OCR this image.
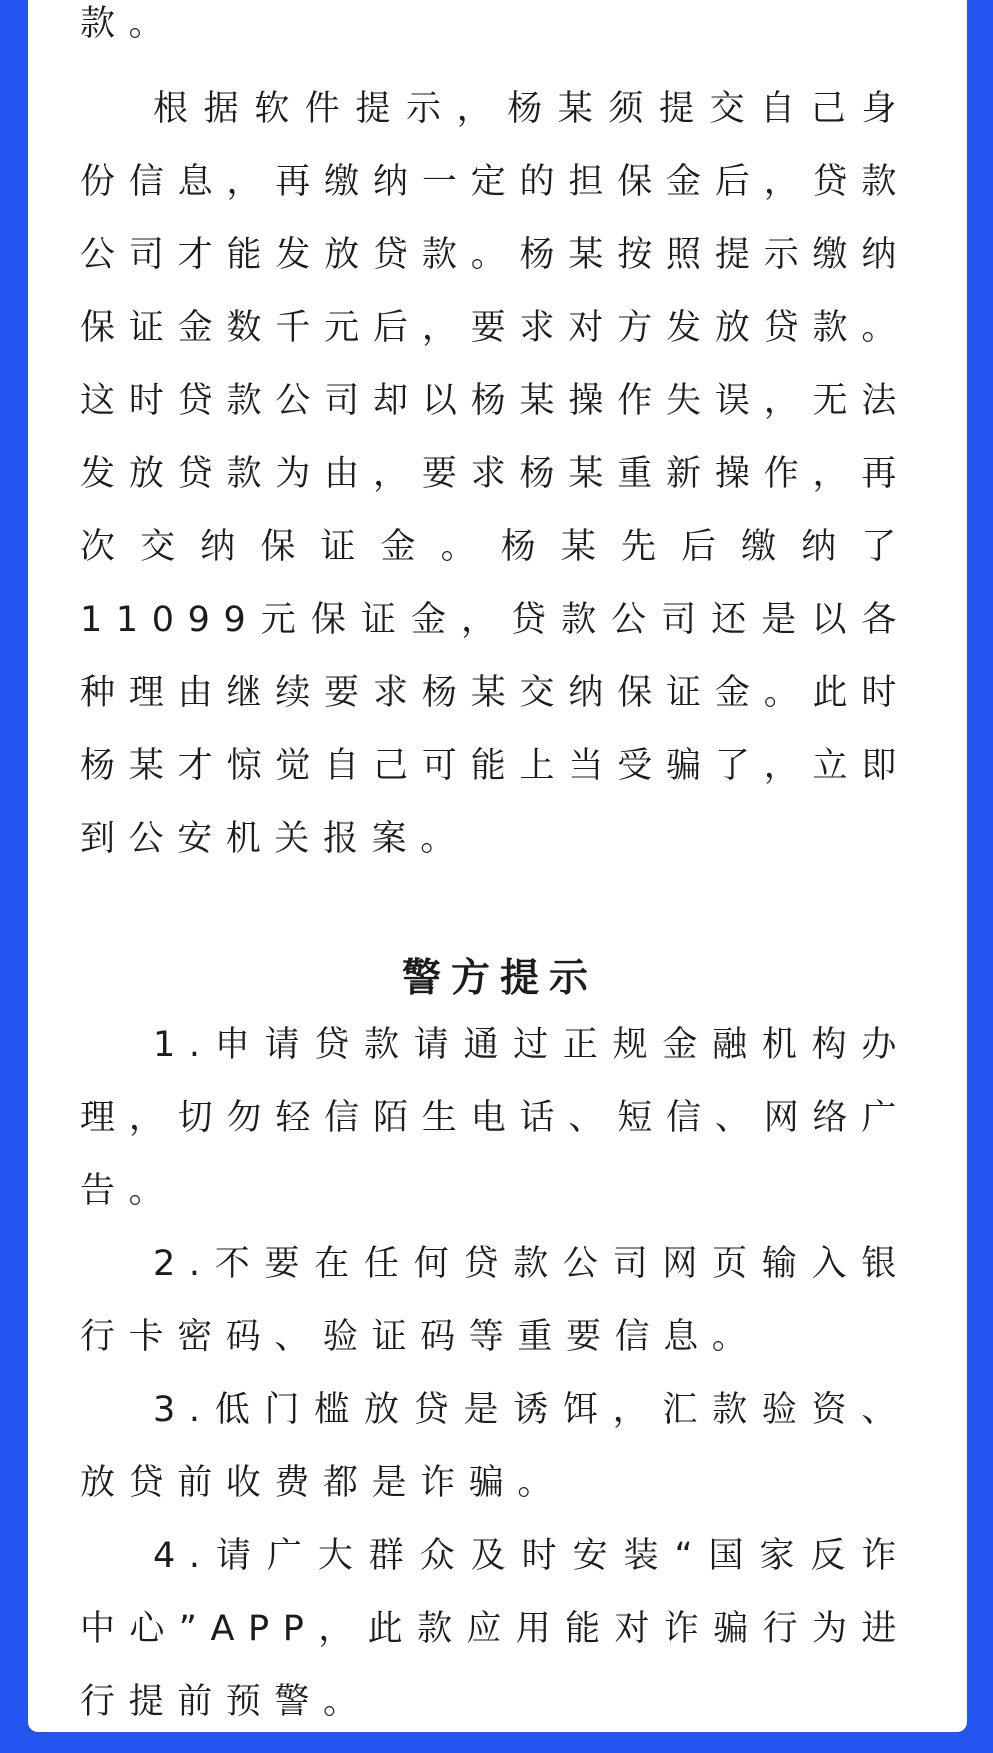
款。

根据软件提示，杨某须提交自己身份信息，再缴纳一定的担保金后，贷款公司才能发放贷款。杨某按照提示缴纳保证金数千元后，要求对方发放贷款。这时贷款公司却以杨某操作失误，无法发放贷款为由，要求杨某重新操作，再次交纳保证金。杨某先后缴纳了11099元保证金，贷款公司还是以各种理由继续要求杨某交纳保证金。此时杨某才惊觉自己可能上当受骗了，立即到公安机关报案。

警方提示

1.申请贷款请通过正规金融机构办理，切勿轻信陌生电话、短信、网络广告。

2.不要在任何贷款公司网页输入银行卡密码、验证码等重要信息。

3.低门槛放贷是诱饵，汇款验资、放贷前收费都是诈骗。

4.请广大群众及时安装“国家反诈中心”APP，此款应用能对诈骗行为进行提前预警。
